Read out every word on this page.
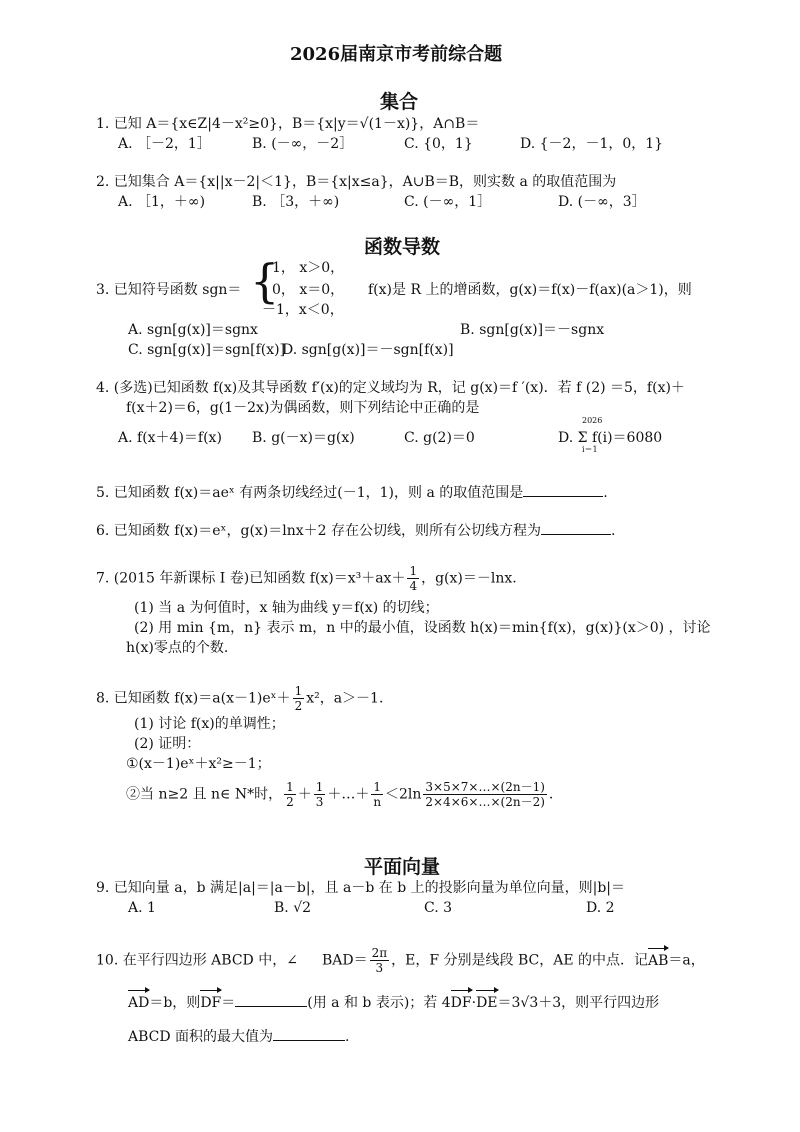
2026届南京市考前综合题
集合
1. 已知 A＝{x∈Z|4－x²≥0}，B＝{x|y＝√(1－x)}，A∩B＝
A. ［－2，1］	B. (－∞，－2］	C. {0，1}	D. {－2，－1，0，1}
2. 已知集合 A＝{x||x－2|＜1}，B＝{x|x≤a}，A∪B＝B，则实数 a 的取值范围为
A. ［1，＋∞)	B. ［3，＋∞)	C. (－∞，1］	D. (－∞，3］
函数导数
3. 已知符号函数 sgn＝ {
1， x＞0，
0， x＝0，
－1，x＜0，
f(x)是 R 上的增函数，g(x)＝f(x)－f(ax)(a＞1)，则
A. sgn[g(x)]＝sgnx	B. sgn[g(x)]＝－sgnx
C. sgn[g(x)]＝sgn[f(x)]
D. sgn[g(x)]＝－sgn[f(x)]
4. (多选)已知函数 f(x)及其导函数 f′(x)的定义域均为 R，记 g(x)＝f ′(x)．若 f (2) ＝5，f(x)＋
f(x＋2)＝6，g(1－2x)为偶函数，则下列结论中正确的是
A. f(x＋4)＝f(x) B. g(－x)＝g(x)	C. g(2)＝0	D. Σ f(i)＝6080
2026
i＝1
5. 已知函数 f(x)＝aeˣ 有两条切线经过(－1，1)，则 a 的取值范围是	.
6. 已知函数 f(x)＝eˣ，g(x)＝lnx＋2 存在公切线，则所有公切线方程为	.
7. (2015 年新课标 I 卷)已知函数 $f(x)=x^3+ax+ \frac{1}{4}$ ，g(x)＝－lnx.
(1) 当 a 为何值时，x 轴为曲线 y＝f(x) 的切线；
(2) 用 min {m，n} 表示 m，n 中的最小值，设函数 h(x)＝min{f(x)，g(x)}(x＞0) ，讨论
h(x)零点的个数.
8. 已知函数 f(x)＝a(x－1)eˣ＋ $\frac{1}{2} x^2$，a＞－1.
(1) 讨论 f(x)的单调性；
(2) 证明：
①(x－1)eˣ＋x²≥－1；
②当 n≥2 且 n∈ N*时， $\frac{1}{2} + \frac{1}{3}$ ＋…＋ $\frac{1}{n} <2\ln \frac{3\times 5\times 7\times\dots\times(2n-1)}{2\times 4\times 6\times\dots\times(2n-2)}$ .
平面向量
9. 已知向量 a，b 满足|a|＝|a－b|，且 a－b 在 b 上的投影向量为单位向量，则|b|＝
A. 1	B. √2	C. 3	D. 2
10. 在平行四边形 ABCD 中，∠ $BAD= \frac{2\pi}{3}$ ，E，F 分别是线段 BC，AE 的中点．记AB＝a，
AD＝b，则DF＝	(用 a 和 b 表示)；若 4DF·DE＝3√3＋3，则平行四边形
ABCD 面积的最大值为	.
